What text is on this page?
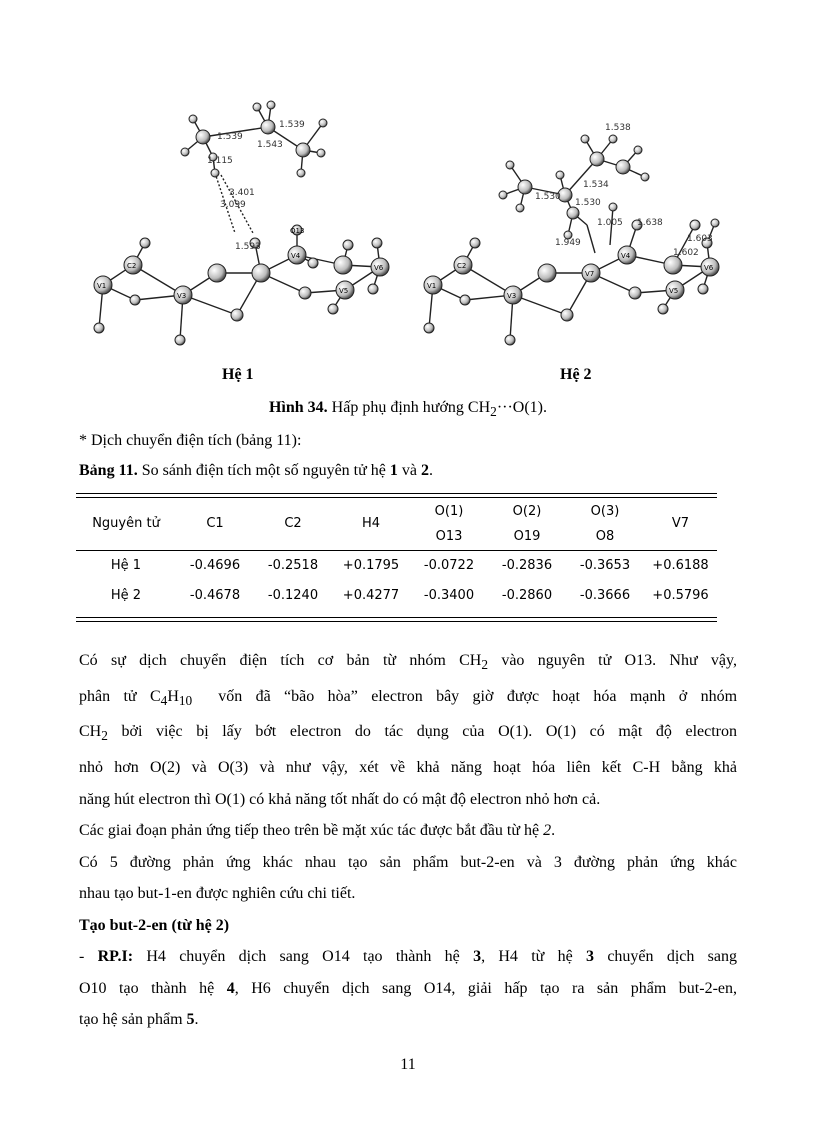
C2
V1
V3
V4
V5
V6
O13
1.539
1.543
1.539
1.115
3.401
3.099
1.593
C2
V1
V3
V4
V5
V6
V7
1.538
1.534
1.530
1.530
1.005 1.638
1.949	1.603
1.602
Hệ 1	Hệ 2
Hình 34. Hấp phụ định hướng $CH_2\cdot\cdot\cdot O(1)$.
* Dịch chuyển điện tích (bảng 11):
Bảng 11. So sánh điện tích một số nguyên tử hệ 1 và 2.
Nguyên tử	C1	C2	H4	O(1)	O(2)	O(3)	V7
				O13	O19	O8	

Hệ 1	-0.4696	-0.2518	+0.1795	-0.0722	-0.2836	-0.3653	+0.6188
Hệ 2	-0.4678	-0.1240	+0.4277	-0.3400	-0.2860	-0.3666	+0.5796

Có sự dịch chuyển điện tích cơ bản từ nhóm $CH_2$ vào nguyên tử O13. Như vậy,

phân tử $C_4H_{10}$ vốn đã “bão hòa” electron bây giờ được hoạt hóa mạnh ở nhóm

$CH_2$ bởi việc bị lấy bớt electron do tác dụng của O(1). O(1) có mật độ electron

nhỏ hơn O(2) và O(3) và như vậy, xét về khả năng hoạt hóa liên kết C-H bằng khả

năng hút electron thì O(1) có khả năng tốt nhất do có mật độ electron nhỏ hơn cả.

Các giai đoạn phản ứng tiếp theo trên bề mặt xúc tác được bắt đầu từ hệ 2.

Có 5 đường phản ứng khác nhau tạo sản phẩm but-2-en và 3 đường phản ứng khác

nhau tạo but-1-en được nghiên cứu chi tiết.

Tạo but-2-en (từ hệ 2)

- RP.I: H4 chuyển dịch sang O14 tạo thành hệ 3, H4 từ hệ 3 chuyển dịch sang

O10 tạo thành hệ 4, H6 chuyển dịch sang O14, giải hấp tạo ra sản phẩm but-2-en,

tạo hệ sản phẩm 5.

11
